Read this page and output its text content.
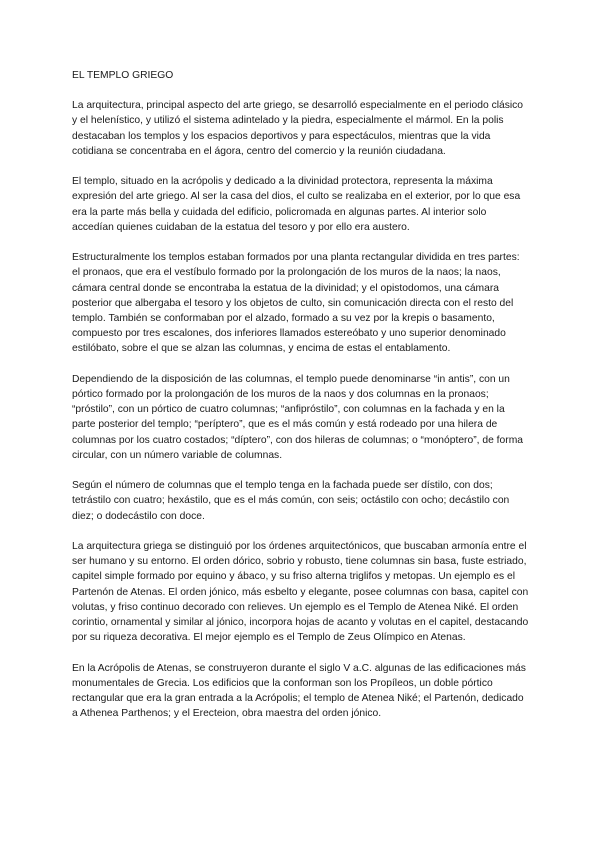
EL TEMPLO GRIEGO

La arquitectura, principal aspecto del arte griego, se desarrolló especialmente en el periodo clásico y el helenístico, y utilizó el sistema adintelado y la piedra, especialmente el mármol. En la polis destacaban los templos y los espacios deportivos y para espectáculos, mientras que la vida cotidiana se concentraba en el ágora, centro del comercio y la reunión ciudadana.

El templo, situado en la acrópolis y dedicado a la divinidad protectora, representa la máxima expresión del arte griego. Al ser la casa del dios, el culto se realizaba en el exterior, por lo que esa era la parte más bella y cuidada del edificio, policromada en algunas partes. Al interior solo accedían quienes cuidaban de la estatua del tesoro y por ello era austero.

Estructuralmente los templos estaban formados por una planta rectangular dividida en tres partes: el pronaos, que era el vestíbulo formado por la prolongación de los muros de la naos; la naos, cámara central donde se encontraba la estatua de la divinidad; y el opistodomos, una cámara posterior que albergaba el tesoro y los objetos de culto, sin comunicación directa con el resto del templo. También se conformaban por el alzado, formado a su vez por la krepis o basamento, compuesto por tres escalones, dos inferiores llamados estereóbato y uno superior denominado estilóbato, sobre el que se alzan las columnas, y encima de estas el entablamento.

Dependiendo de la disposición de las columnas, el templo puede denominarse “in antis”, con un pórtico formado por la prolongación de los muros de la naos y dos columnas en la pronaos; “próstilo”, con un pórtico de cuatro columnas; “anfipróstilo”, con columnas en la fachada y en la parte posterior del templo; “períptero”, que es el más común y está rodeado por una hilera de columnas por los cuatro costados; “díptero”, con dos hileras de columnas; o “monóptero”, de forma circular, con un número variable de columnas.

Según el número de columnas que el templo tenga en la fachada puede ser dístilo, con dos; tetrástilo con cuatro; hexástilo, que es el más común, con seis; octástilo con ocho; decástilo con diez; o dodecástilo con doce.

La arquitectura griega se distinguió por los órdenes arquitectónicos, que buscaban armonía entre el ser humano y su entorno. El orden dórico, sobrio y robusto, tiene columnas sin basa, fuste estriado, capitel simple formado por equino y ábaco, y su friso alterna triglifos y metopas. Un ejemplo es el Partenón de Atenas. El orden jónico, más esbelto y elegante, posee columnas con basa, capitel con volutas, y friso continuo decorado con relieves. Un ejemplo es el Templo de Atenea Niké. El orden corintio, ornamental y similar al jónico, incorpora hojas de acanto y volutas en el capitel, destacando por su riqueza decorativa. El mejor ejemplo es el Templo de Zeus Olímpico en Atenas.

En la Acrópolis de Atenas, se construyeron durante el siglo V a.C. algunas de las edificaciones más monumentales de Grecia. Los edificios que la conforman son los Propíleos, un doble pórtico rectangular que era la gran entrada a la Acrópolis; el templo de Atenea Niké; el Partenón, dedicado a Athenea Parthenos; y el Erecteion, obra maestra del orden jónico.
